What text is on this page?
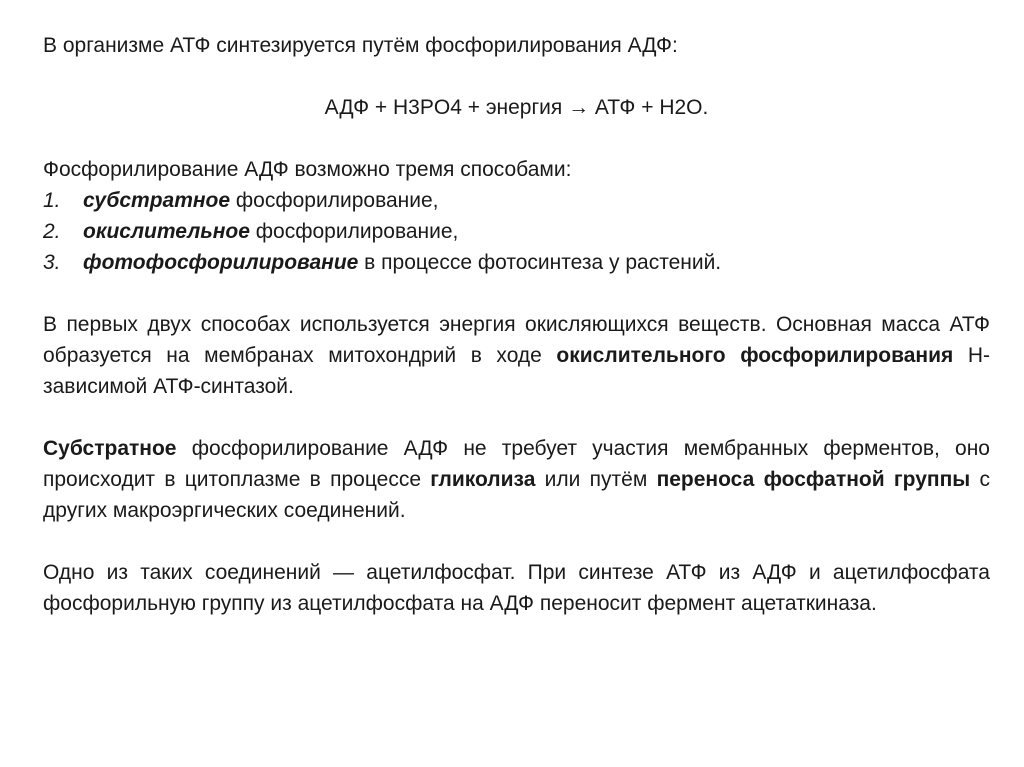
В организме АТФ синтезируется путём фосфорилирования АДФ:

АДФ + H3PO4 + энергия → АТФ + H2O.

Фосфорилирование АДФ возможно тремя способами:

1.	субстратное фосфорилирование,
2.	окислительное фосфорилирование,
3.	фотофосфорилирование в процессе фотосинтеза у растений.

В первых двух способах используется энергия окисляющихся веществ. Основная масса АТФ образуется на мембранах митохондрий в ходе окислительного фосфорилирования Н-зависимой АТФ-синтазой.

Субстратное фосфорилирование АДФ не требует участия мембранных ферментов, оно происходит в цитоплазме в процессе гликолиза или путём переноса фосфатной группы с других макроэргических соединений.

Одно из таких соединений — ацетилфосфат. При синтезе АТФ из АДФ и ацетилфосфата фосфорильную группу из ацетилфосфата на АДФ переносит фермент ацетаткиназа.
